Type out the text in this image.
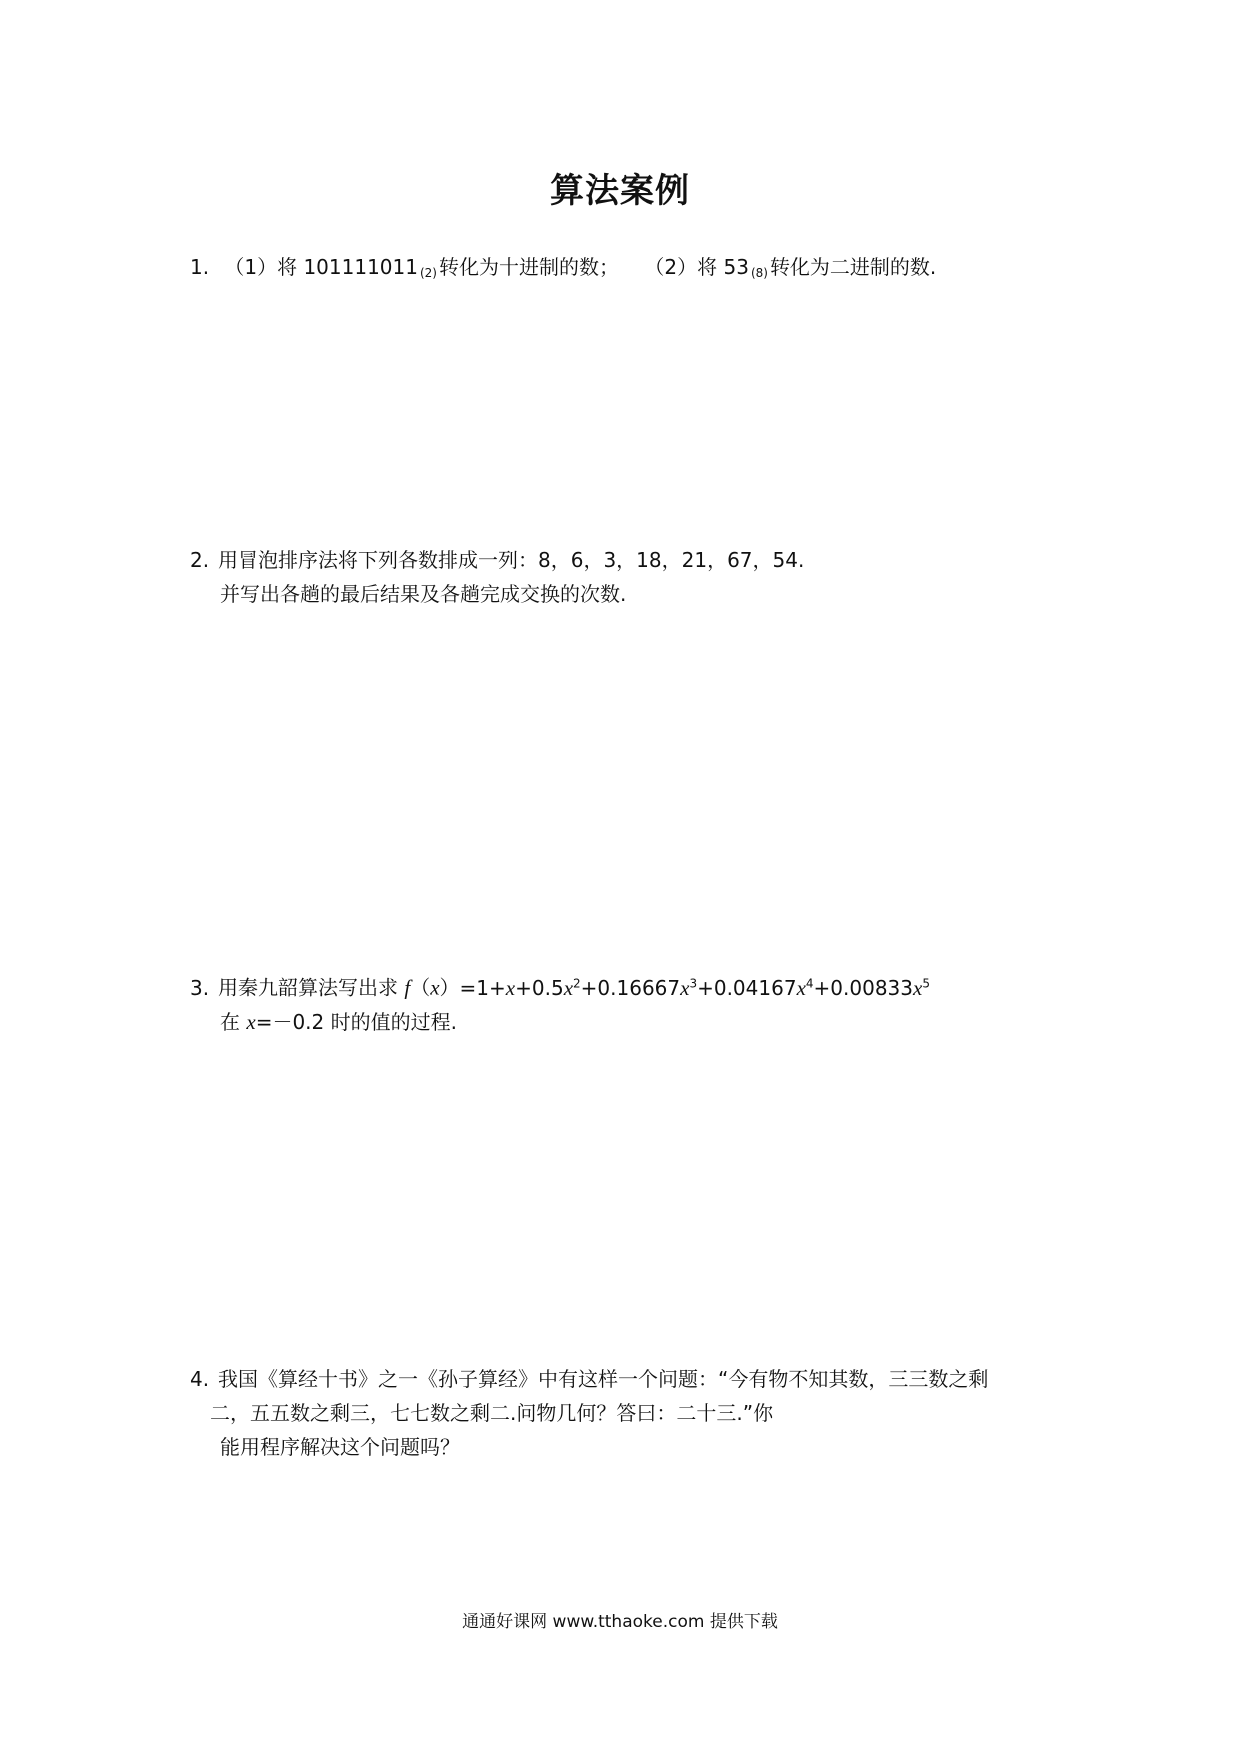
算法案例
1. （1）将 101111011 $_{(2)}$ 转化为十进制的数； （2）将 53 $_{(8)}$ 转化为二进制的数.
2. 用冒泡排序法将下列各数排成一列：8，6，3，18，21，67，54.
并写出各趟的最后结果及各趟完成交换的次数.
3. 用秦九韶算法写出求 $f(x)=1+x+0.5x^2+0.16667x^3+0.04167x^4+0.00833x^5$
在 x=－0.2 时的值的过程.
4. 我国《算经十书》之一《孙子算经》中有这样一个问题：“今有物不知其数，三三数之剩
二，五五数之剩三，七七数之剩二.问物几何？答曰：二十三.”你
能用程序解决这个问题吗？
通通好课网 www.tthaoke.com 提供下载
